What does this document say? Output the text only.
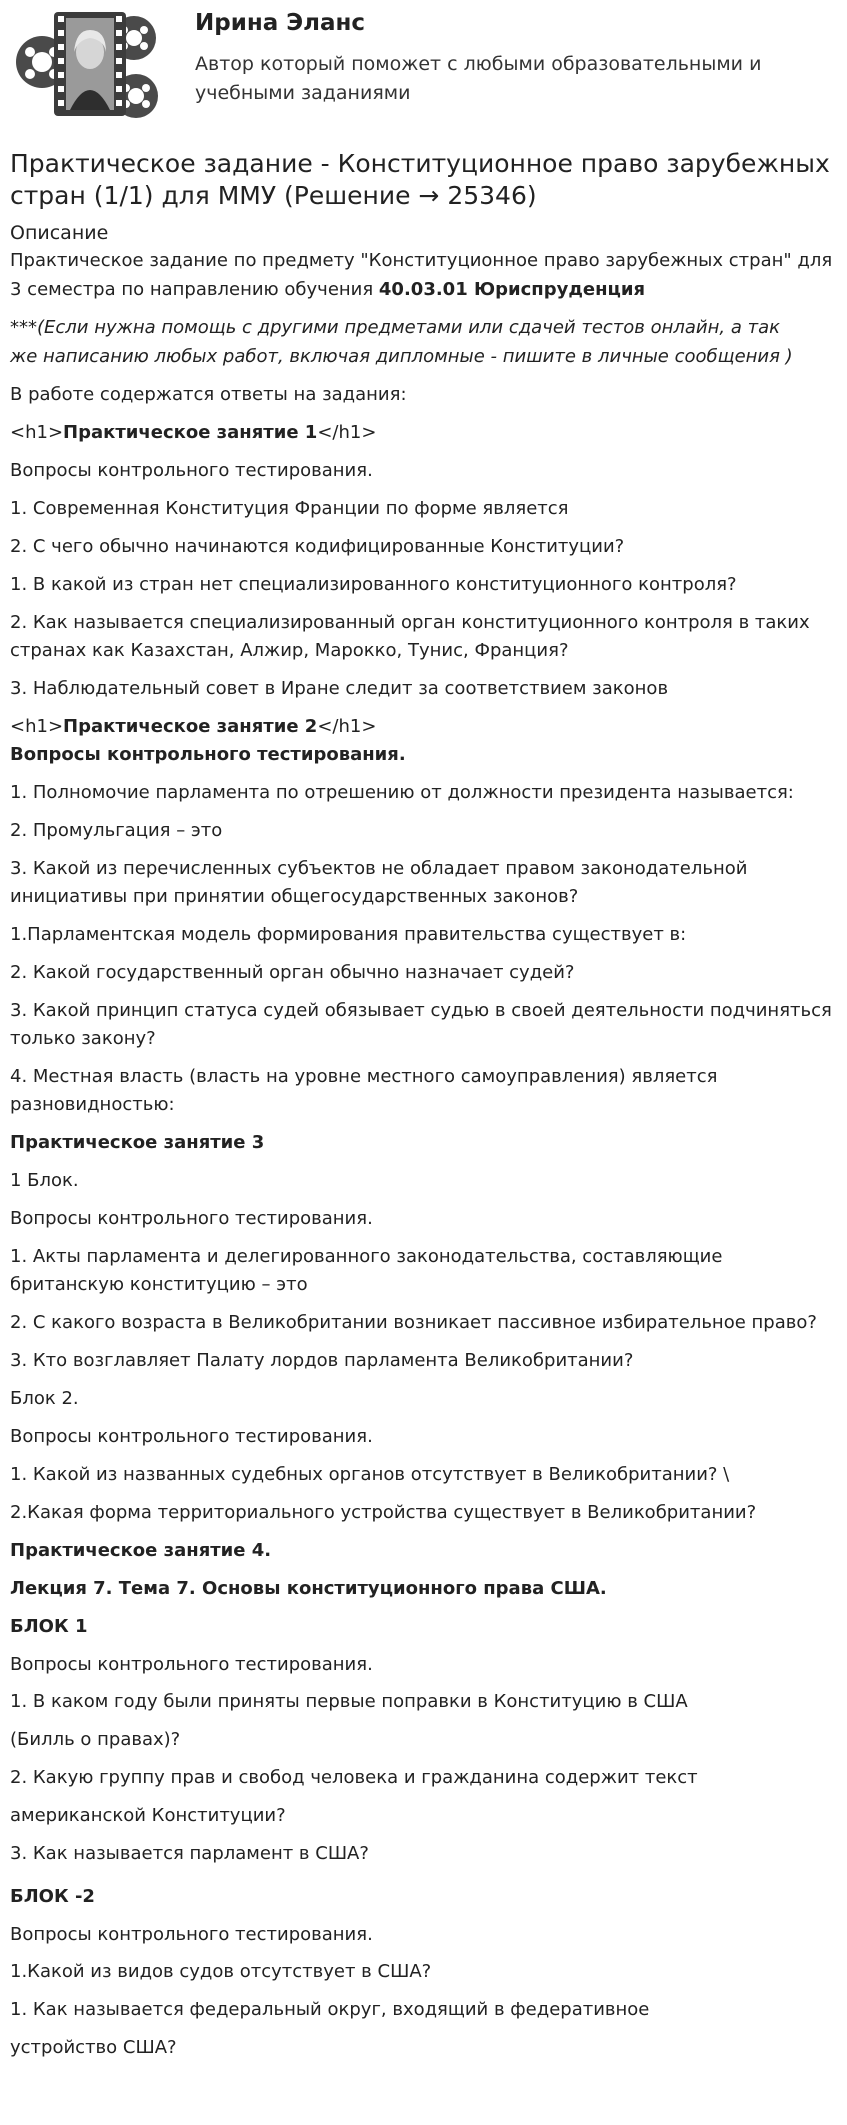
Ирина Эланс
Автор который поможет с любыми образовательными и учебными заданиями
Практическое задание - Конституционное право зарубежных стран (1/1) для ММУ (Решение → 25346)
Описание
Практическое задание по предмету "Конституционное право зарубежных стран" для 3 семестра по направлению обучения 40.03.01 Юриспруденция
***(Если нужна помощь с другими предметами или сдачей тестов онлайн, а так
же написанию любых работ, включая дипломные - пишите в личные сообщения )
В работе содержатся ответы на задания:
<h1>Практическое занятие 1</h1>
Вопросы контрольного тестирования.
1. Современная Конституция Франции по форме является
2. С чего обычно начинаются кодифицированные Конституции?
1. В какой из стран нет специализированного конституционного контроля?
2. Как называется специализированный орган конституционного контроля в таких странах как Казахстан, Алжир, Марокко, Тунис, Франция?
3. Наблюдательный совет в Иране следит за соответствием законов
<h1>Практическое занятие 2</h1>
Вопросы контрольного тестирования.
1. Полномочие парламента по отрешению от должности президента называется:
2. Промульгация – это
3. Какой из перечисленных субъектов не обладает правом законодательной инициативы при принятии общегосударственных законов?
1.Парламентская модель формирования правительства существует в:
2. Какой государственный орган обычно назначает судей?
3. Какой принцип статуса судей обязывает судью в своей деятельности подчиняться только закону?
4. Местная власть (власть на уровне местного самоуправления) является разновидностью:
Практическое занятие 3
1 Блок.
Вопросы контрольного тестирования.
1. Акты парламента и делегированного законодательства, составляющие британскую конституцию – это
2. С какого возраста в Великобритании возникает пассивное избирательное право?
3. Кто возглавляет Палату лордов парламента Великобритании?
Блок 2.
Вопросы контрольного тестирования.
1. Какой из названных судебных органов отсутствует в Великобритании? \
2.Какая форма территориального устройства существует в Великобритании?
Практическое занятие 4.
Лекция 7. Тема 7. Основы конституционного права США.
БЛОК 1
Вопросы контрольного тестирования.
1. В каком году были приняты первые поправки в Конституцию в США
(Билль о правах)?
2. Какую группу прав и свобод человека и гражданина содержит текст
американской Конституции?
3. Как называется парламент в США?
БЛОК -2
Вопросы контрольного тестирования.
1.Какой из видов судов отсутствует в США?
1. Как называется федеральный округ, входящий в федеративное
устройство США?
